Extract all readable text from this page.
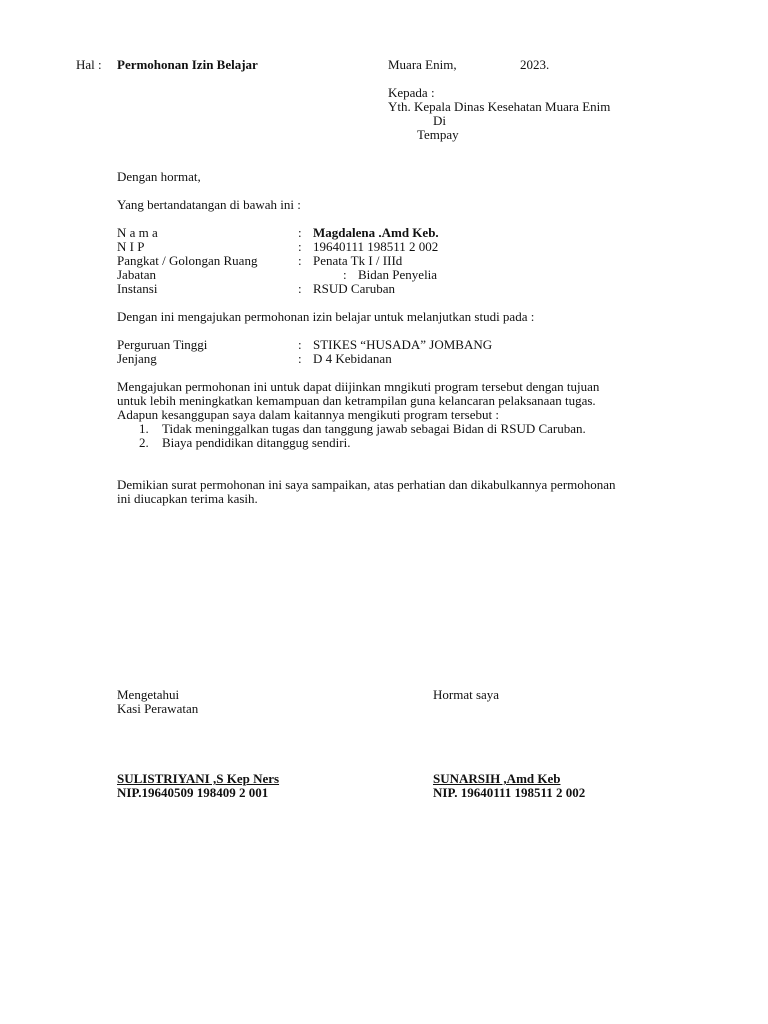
Hal : Permohonan Izin Belajar	Muara Enim,	2023.
Kepada :
Yth. Kepala Dinas Kesehatan Muara Enim
Di
Tempay
Dengan hormat,
Yang bertandatangan di bawah ini :
N a m a	: Magdalena .Amd Keb.
N I P	: 19640111 198511 2 002
Pangkat / Golongan Ruang	: Penata Tk I / IIId
Jabatan	: Bidan Penyelia
Instansi	: RSUD Caruban
Dengan ini mengajukan permohonan izin belajar untuk melanjutkan studi pada :
Perguruan Tinggi	: STIKES “HUSADA” JOMBANG
Jenjang	: D 4 Kebidanan
Mengajukan permohonan ini untuk dapat diijinkan mngikuti program tersebut dengan tujuan
untuk lebih meningkatkan kemampuan dan ketrampilan guna kelancaran pelaksanaan tugas.
Adapun kesanggupan saya dalam kaitannya mengikuti program tersebut :
1. Tidak meninggalkan tugas dan tanggung jawab sebagai Bidan di RSUD Caruban.
2. Biaya pendidikan ditanggug sendiri.
Demikian surat permohonan ini saya sampaikan, atas perhatian dan dikabulkannya permohonan
ini diucapkan terima kasih.
Mengetahui
Kasi Perawatan
SULISTRIYANI ,S Kep Ners
NIP.19640509 198409 2 001
Hormat saya
SUNARSIH ,Amd Keb
NIP. 19640111 198511 2 002
